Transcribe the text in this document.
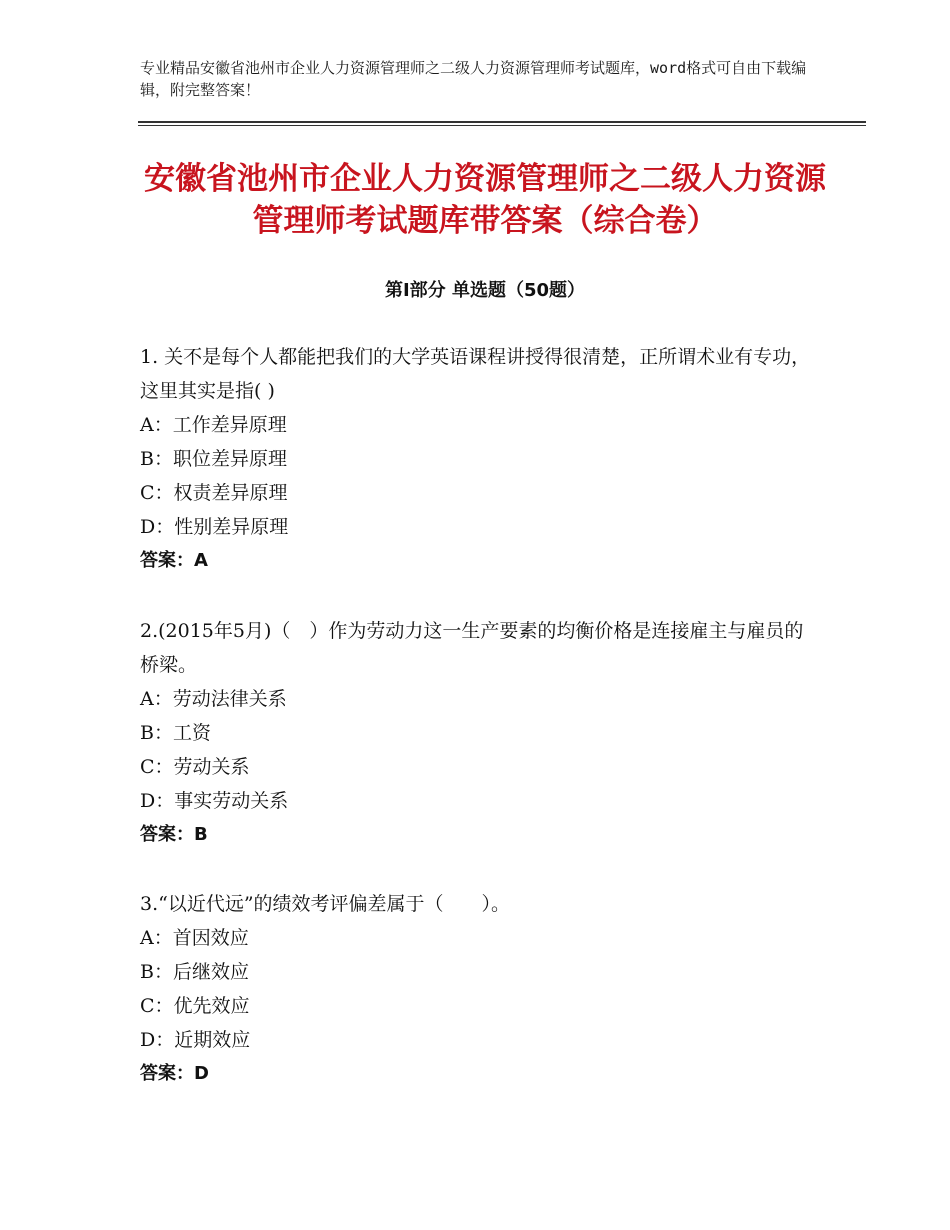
专业精品安徽省池州市企业人力资源管理师之二级人力资源管理师考试题库，word格式可自由下载编辑，附完整答案！
安徽省池州市企业人力资源管理师之二级人力资源管理师考试题库带答案（综合卷）
第Ⅰ部分 单选题（50题）
1. 关不是每个人都能把我们的大学英语课程讲授得很清楚，正所谓术业有专功，这里其实是指( )
A：工作差异原理
B：职位差异原理
C：权责差异原理
D：性别差异原理
答案：A
2.(2015年5月)（　）作为劳动力这一生产要素的均衡价格是连接雇主与雇员的桥梁。
A：劳动法律关系
B：工资
C：劳动关系
D：事实劳动关系
答案：B
3.“以近代远”的绩效考评偏差属于（　　）。
A：首因效应
B：后继效应
C：优先效应
D：近期效应
答案：D
